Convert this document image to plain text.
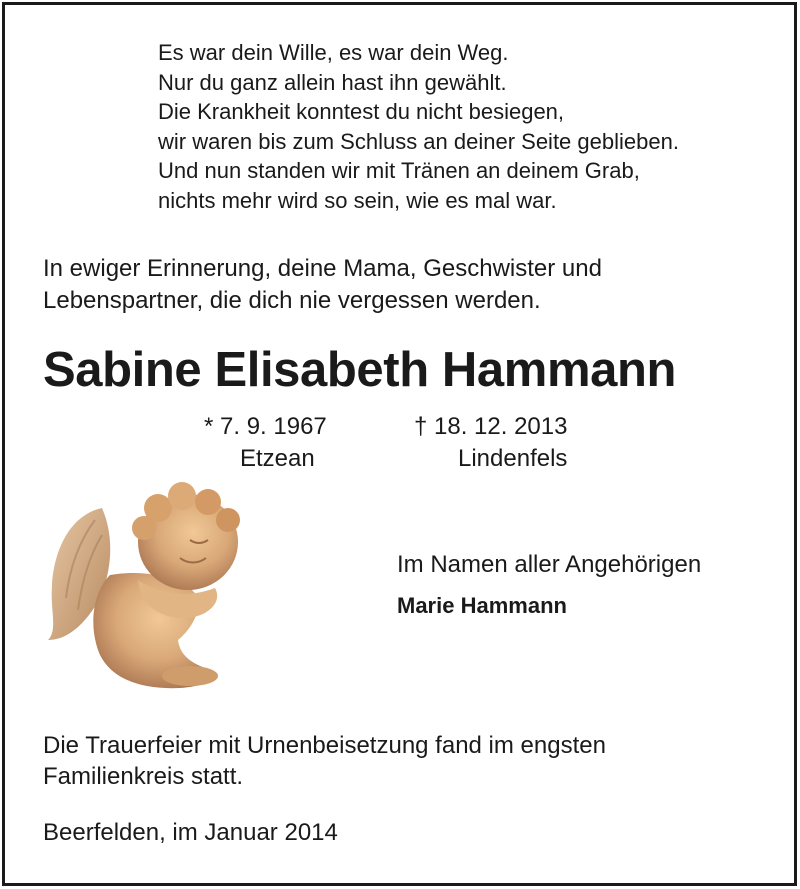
Es war dein Wille, es war dein Weg.
Nur du ganz allein hast ihn gewählt.
Die Krankheit konntest du nicht besiegen,
wir waren bis zum Schluss an deiner Seite geblieben.
Und nun standen wir mit Tränen an deinem Grab,
nichts mehr wird so sein, wie es mal war.
In ewiger Erinnerung, deine Mama, Geschwister und
Lebenspartner, die dich nie vergessen werden.
Sabine Elisabeth Hammann
* 7. 9. 1967
Etzean
† 18. 12. 2013
Lindenfels
Im Namen aller Angehörigen
Marie Hammann
Die Trauerfeier mit Urnenbeisetzung fand im engsten
Familienkreis statt.
Beerfelden, im Januar 2014
